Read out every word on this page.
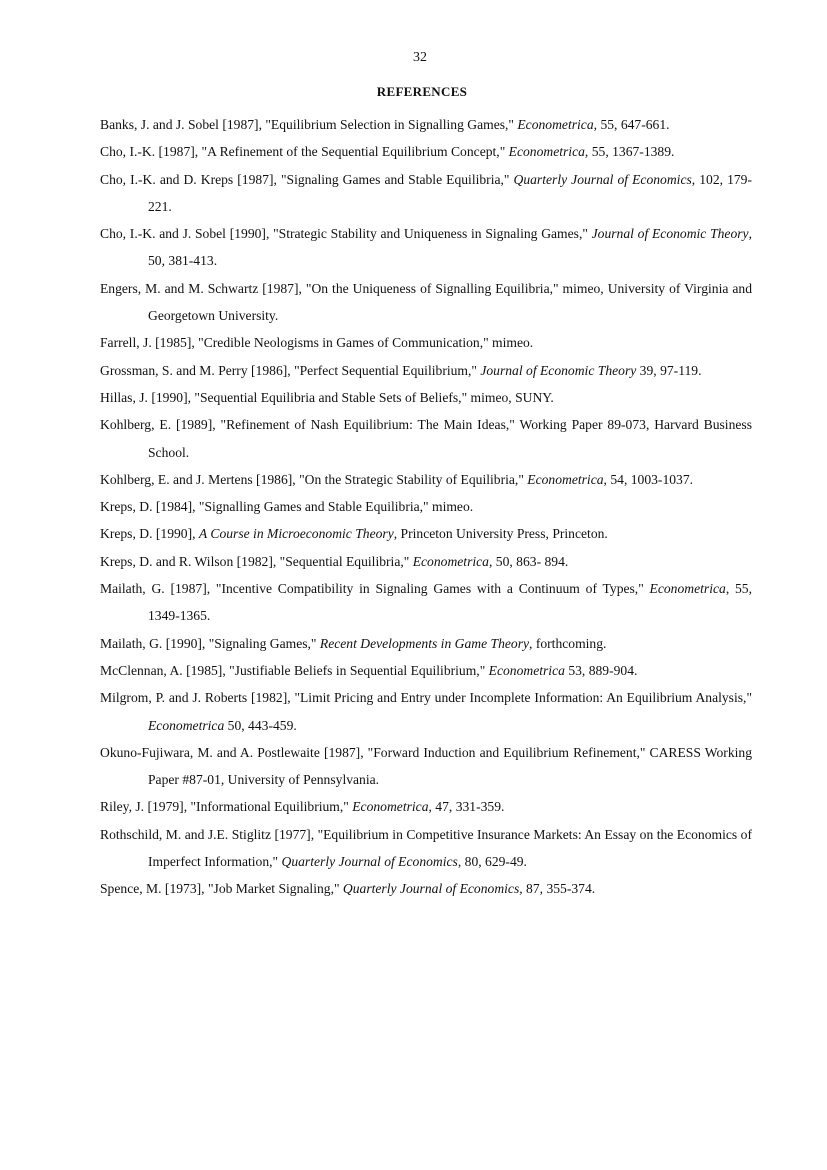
32
REFERENCES
Banks, J. and J. Sobel [1987], "Equilibrium Selection in Signalling Games," Econometrica, 55, 647-661.
Cho, I.-K. [1987], "A Refinement of the Sequential Equilibrium Concept," Econometrica, 55, 1367-1389.
Cho, I.-K. and D. Kreps [1987], "Signaling Games and Stable Equilibria," Quarterly Journal of Economics, 102, 179-221.
Cho, I.-K. and J. Sobel [1990], "Strategic Stability and Uniqueness in Signaling Games," Journal of Economic Theory, 50, 381-413.
Engers, M. and M. Schwartz [1987], "On the Uniqueness of Signalling Equilibria," mimeo, University of Virginia and Georgetown University.
Farrell, J. [1985], "Credible Neologisms in Games of Communication," mimeo.
Grossman, S. and M. Perry [1986], "Perfect Sequential Equilibrium," Journal of Economic Theory 39, 97-119.
Hillas, J. [1990], "Sequential Equilibria and Stable Sets of Beliefs," mimeo, SUNY.
Kohlberg, E. [1989], "Refinement of Nash Equilibrium: The Main Ideas," Working Paper 89-073, Harvard Business School.
Kohlberg, E. and J. Mertens [1986], "On the Strategic Stability of Equilibria," Econometrica, 54, 1003-1037.
Kreps, D. [1984], "Signalling Games and Stable Equilibria," mimeo.
Kreps, D. [1990], A Course in Microeconomic Theory, Princeton University Press, Princeton.
Kreps, D. and R. Wilson [1982], "Sequential Equilibria," Econometrica, 50, 863- 894.
Mailath, G. [1987], "Incentive Compatibility in Signaling Games with a Continuum of Types," Econometrica, 55, 1349-1365.
Mailath, G. [1990], "Signaling Games," Recent Developments in Game Theory, forthcoming.
McClennan, A. [1985], "Justifiable Beliefs in Sequential Equilibrium," Econometrica 53, 889-904.
Milgrom, P. and J. Roberts [1982], "Limit Pricing and Entry under Incomplete Information: An Equilibrium Analysis," Econometrica 50, 443-459.
Okuno-Fujiwara, M. and A. Postlewaite [1987], "Forward Induction and Equilibrium Refinement," CARESS Working Paper #87-01, University of Pennsylvania.
Riley, J. [1979], "Informational Equilibrium," Econometrica, 47, 331-359.
Rothschild, M. and J.E. Stiglitz [1977], "Equilibrium in Competitive Insurance Markets: An Essay on the Economics of Imperfect Information," Quarterly Journal of Economics, 80, 629-49.
Spence, M. [1973], "Job Market Signaling," Quarterly Journal of Economics, 87, 355-374.
